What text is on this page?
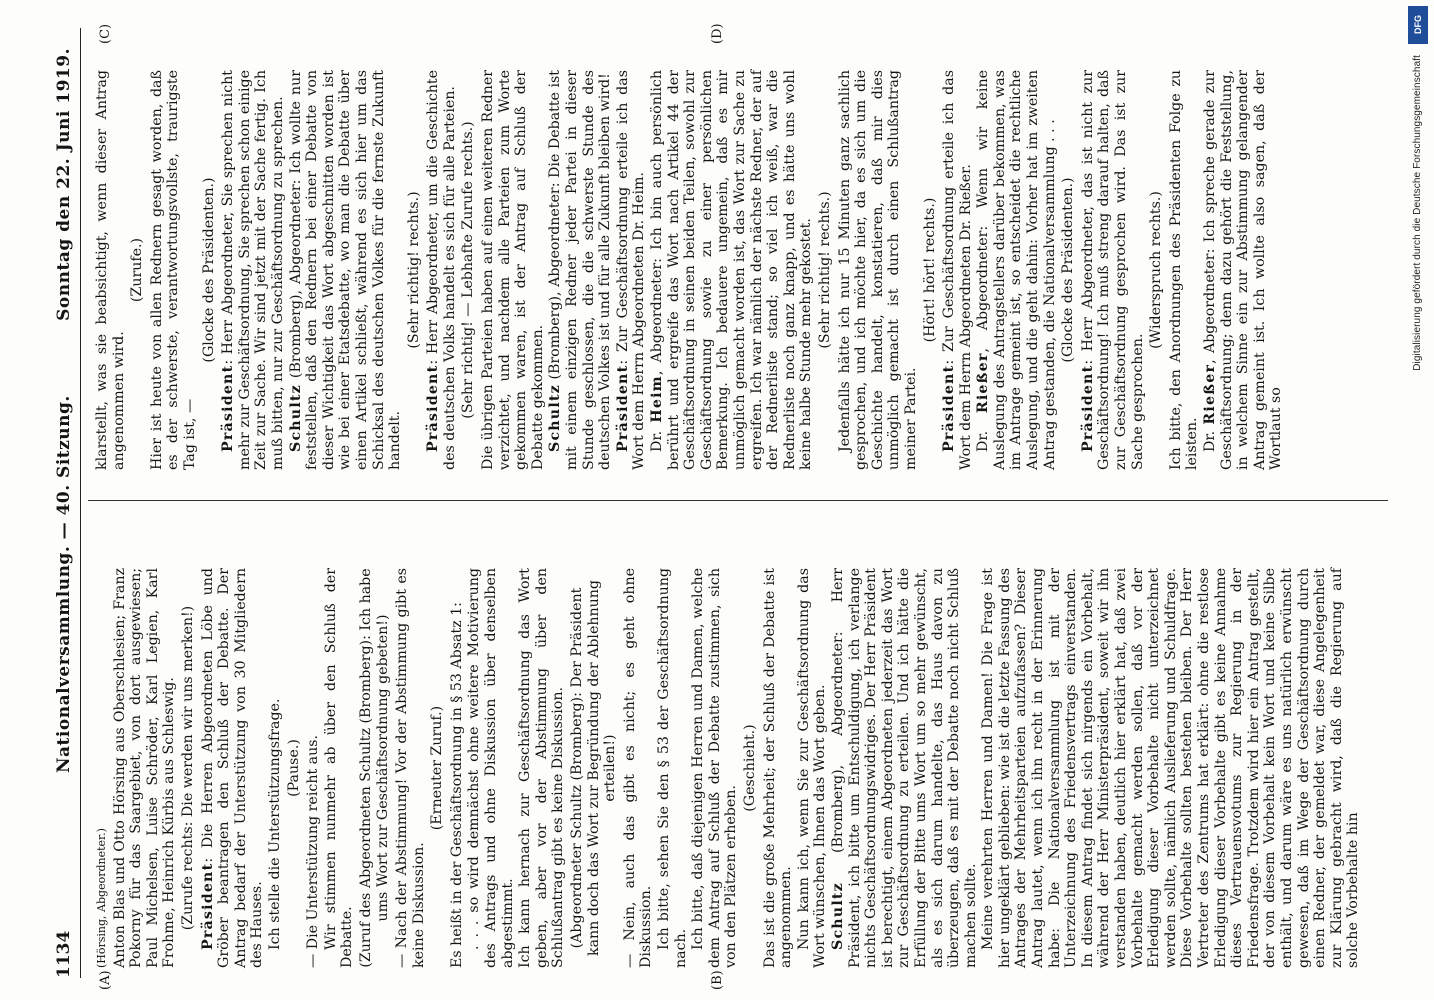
DFG
Digitalisierung gefördert durch die Deutsche Forschungsgemeinschaft
1134
Nationalversammlung. — 40. Sitzung.
Sonntag den 22. Juni 1919.
(A)	(B)
(C)	(D)

(Hörsing, Abgeordneter.) Anton Blas und Otto Hörsing aus Oberschlesien; Franz Pokorny für das Saargebiet, von dort ausgewiesen; Paul Michelsen, Luise Schröder, Karl Legien, Karl Frohme, Heinrich Kürbis aus Schleswig. (Zurufe rechts: Die werden wir uns merken!) Präsident: Die Herren Abgeordneten Löbe und Gröber beantragen den Schluß der Debatte. Der Antrag bedarf der Unterstützung von 30 Mitgliedern des Hauses. Ich stelle die Unterstützungsfrage. (Pause.) — Die Unterstützung reicht aus. Wir stimmen nunmehr ab über den Schluß der Debatte. (Zuruf des Abgeordneten Schultz (Bromberg): Ich habe ums Wort zur Geschäftsordnung gebeten!) — Nach der Abstimmung! Vor der Abstimmung gibt es keine Diskussion.

(Erneuter Zuruf.) Es heißt in der Geschäftsordnung in § 53 Absatz 1: . . . so wird demnächst ohne weitere Motivierung des Antrags und ohne Diskussion über denselben abgestimmt. Ich kann hernach zur Geschäftsordnung das Wort geben, aber vor der Abstimmung über den Schlußantrag gibt es keine Diskussion. (Abgeordneter Schultz (Bromberg): Der Präsident kann doch das Wort zur Begründung der Ablehnung erteilen!) — Nein, auch das gibt es nicht; es geht ohne Diskussion. Ich bitte, sehen Sie den § 53 der Geschäftsordnung nach. Ich bitte, daß diejenigen Herren und Damen, welche dem Antrag auf Schluß der Debatte zustimmen, sich von den Plätzen erheben.

(Geschieht.) Das ist die große Mehrheit; der Schluß der Debatte ist angenommen. Nun kann ich, wenn Sie zur Geschäftsordnung das Wort wünschen, Ihnen das Wort geben. Schultz (Bromberg), Abgeordneter: Herr Präsident, ich bitte um Entschuldigung, ich verlange nichts Geschäftsordnungswidriges. Der Herr Präsident ist berechtigt, einem Abgeordneten jederzeit das Wort zur Geschäftsordnung zu erteilen. Und ich hätte die Erfüllung der Bitte ums Wort um so mehr gewünscht, als es sich darum handelte, das Haus davon zu überzeugen, daß es mit der Debatte noch nicht Schluß machen sollte. Meine verehrten Herren und Damen! Die Frage ist hier ungeklärt geblieben: wie ist die letzte Fassung des Antrages der Mehrheitsparteien aufzufassen? Dieser Antrag lautet, wenn ich ihn recht in der Erinnerung habe: Die Nationalversammlung ist mit der Unterzeichnung des Friedensvertrags einverstanden. In diesem Antrag findet sich nirgends ein Vorbehalt, während der Herr Ministerpräsident, soweit wir ihn verstanden haben, deutlich hier erklärt hat, daß zwei Vorbehalte gemacht werden sollen, daß vor der Erledigung dieser Vorbehalte nicht unterzeichnet werden sollte, nämlich Auslieferung und Schuldfrage. Diese Vorbehalte sollten bestehen bleiben. Der Herr Vertreter des Zentrums hat erklärt: ohne die restlose Erledigung dieser Vorbehalte gibt es keine Annahme dieses Vertrauensvotums zur Regierung in der Friedensfrage. Trotzdem wird hier ein Antrag gestellt, der von diesem Vorbehalt kein Wort und keine Silbe enthält, und darum wäre es uns natürlich erwünscht gewesen, daß im Wege der Geschäftsordnung durch einen Redner, der gemeldet war, diese Angelegenheit zur Klärung gebracht wird, daß die Regierung auf solche Vorbehalte hin

klarstellt, was sie beabsichtigt, wenn dieser Antrag angenommen wird.

(Zurufe.) Hier ist heute von allen Rednern gesagt worden, daß es der schwerste, verantwortungsvollste, traurigste Tag ist, —

(Glocke des Präsidenten.)

Präsident: Herr Abgeordneter, Sie sprechen nicht mehr zur Geschäftsordnung, Sie sprechen schon einige Zeit zur Sache. Wir sind jetzt mit der Sache fertig. Ich muß bitten, nur zur Geschäftsordnung zu sprechen. Schultz (Bromberg), Abgeordneter: Ich wollte nur feststellen, daß den Rednern bei einer Debatte von dieser Wichtigkeit das Wort abgeschnitten worden ist wie bei einer Etatsdebatte, wo man die Debatte über einen Artikel schließt, während es sich hier um das Schicksal des deutschen Volkes für die fernste Zukunft handelt.

(Sehr richtig! rechts.)

Präsident: Herr Abgeordneter, um die Geschichte des deutschen Volks handelt es sich für alle Parteien. (Sehr richtig! — Lebhafte Zurufe rechts.) Die übrigen Parteien haben auf einen weiteren Redner verzichtet, und nachdem alle Parteien zum Worte gekommen waren, ist der Antrag auf Schluß der Debatte gekommen. Schultz (Bromberg), Abgeordneter: Die Debatte ist mit einem einzigen Redner jeder Partei in dieser Stunde geschlossen, die die schwerste Stunde des deutschen Volkes ist und für alle Zukunft bleiben wird! Präsident: Zur Geschäftsordnung erteile ich das Wort dem Herrn Abgeordneten Dr. Heim. Dr. Heim, Abgeordneter: Ich bin auch persönlich berührt und ergreife das Wort nach Artikel 44 der Geschäftsordnung in seinen beiden Teilen, sowohl zur Geschäftsordnung sowie zu einer persönlichen Bemerkung. Ich bedauere ungemein, daß es mir unmöglich gemacht worden ist, das Wort zur Sache zu ergreifen. Ich war nämlich der nächste Redner, der auf der Rednerliste stand; so viel ich weiß, war die Rednerliste noch ganz knapp, und es hätte uns wohl keine halbe Stunde mehr gekostet. (Sehr richtig! rechts.) Jedenfalls hätte ich nur 15 Minuten ganz sachlich gesprochen, und ich möchte hier, da es sich um die Geschichte handelt, konstatieren, daß mir dies unmöglich gemacht ist durch einen Schlußantrag meiner Partei.

(Hört! hört! rechts.)

Präsident: Zur Geschäftsordnung erteile ich das Wort dem Herrn Abgeordneten Dr. Rießer. Dr. Rießer, Abgeordneter: Wenn wir keine Auslegung des Antragstellers darüber bekommen, was im Antrage gemeint ist, so entscheidet die rechtliche Auslegung, und die geht dahin: Vorher hat im zweiten Antrag gestanden, die Nationalversammlung . . . (Glocke des Präsidenten.)

Präsident: Herr Abgeordneter, das ist nicht zur Geschäftsordnung! Ich muß streng darauf halten, daß zur Geschäftsordnung gesprochen wird. Das ist zur Sache gesprochen.

(Widerspruch rechts.) Ich bitte, den Anordnungen des Präsidenten Folge zu leisten. Dr. Rießer, Abgeordneter: Ich spreche gerade zur Geschäftsordnung; denn dazu gehört die Feststellung, in welchem Sinne ein zur Abstimmung gelangender Antrag gemeint ist. Ich wollte also sagen, daß der Wortlaut so
